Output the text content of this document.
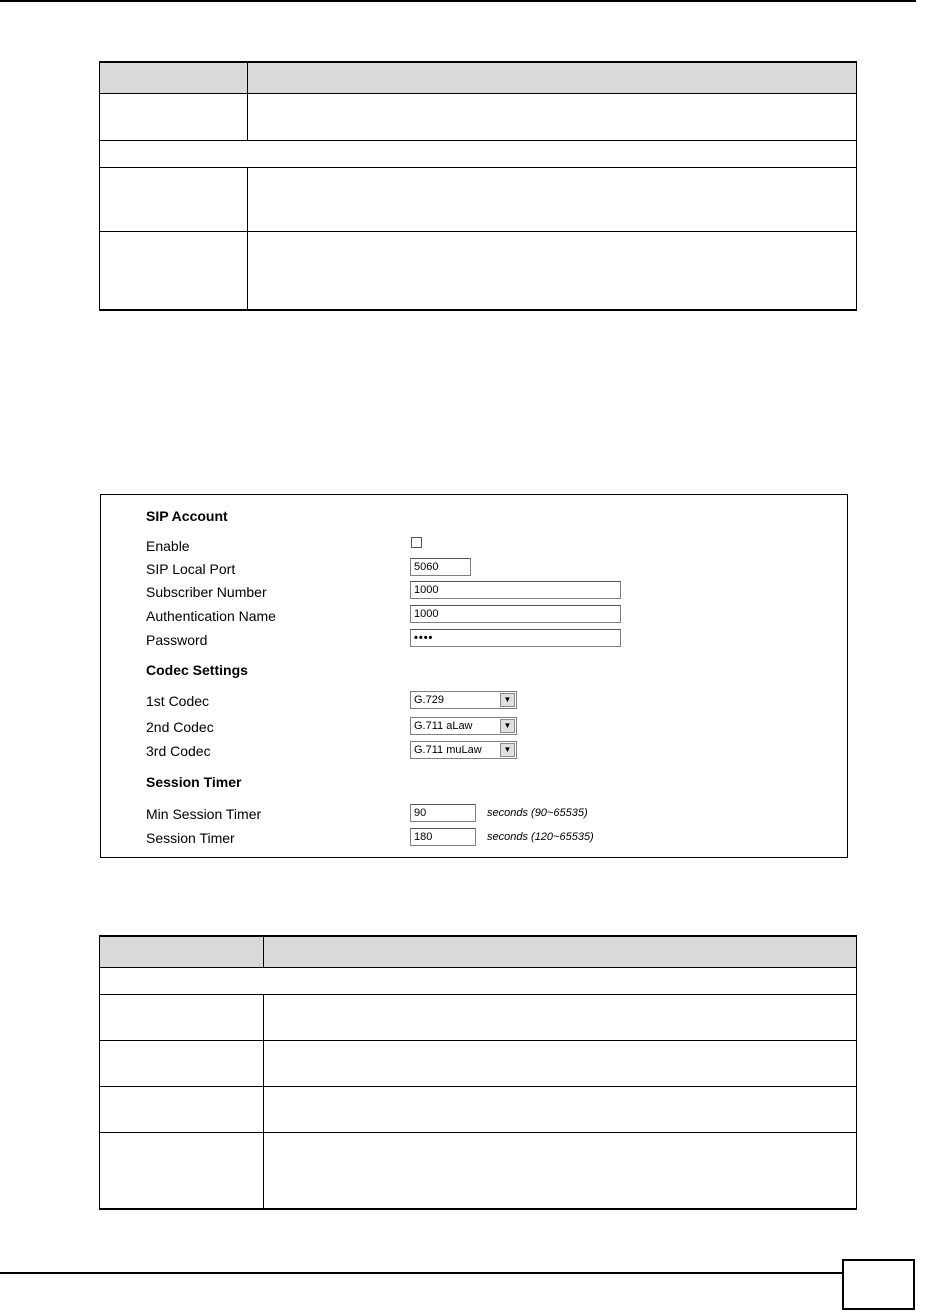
SIP Account
Enable
SIP Local Port	5060
Subscriber Number	1000
Authentication Name	1000
Password	••••
Codec Settings
1st Codec	G.729	▼
2nd Codec	G.711 aLaw	▼
3rd Codec	G.711 muLaw	▼
Session Timer
Min Session Timer	90	seconds (90~65535)
Session Timer	180	seconds (120~65535)
